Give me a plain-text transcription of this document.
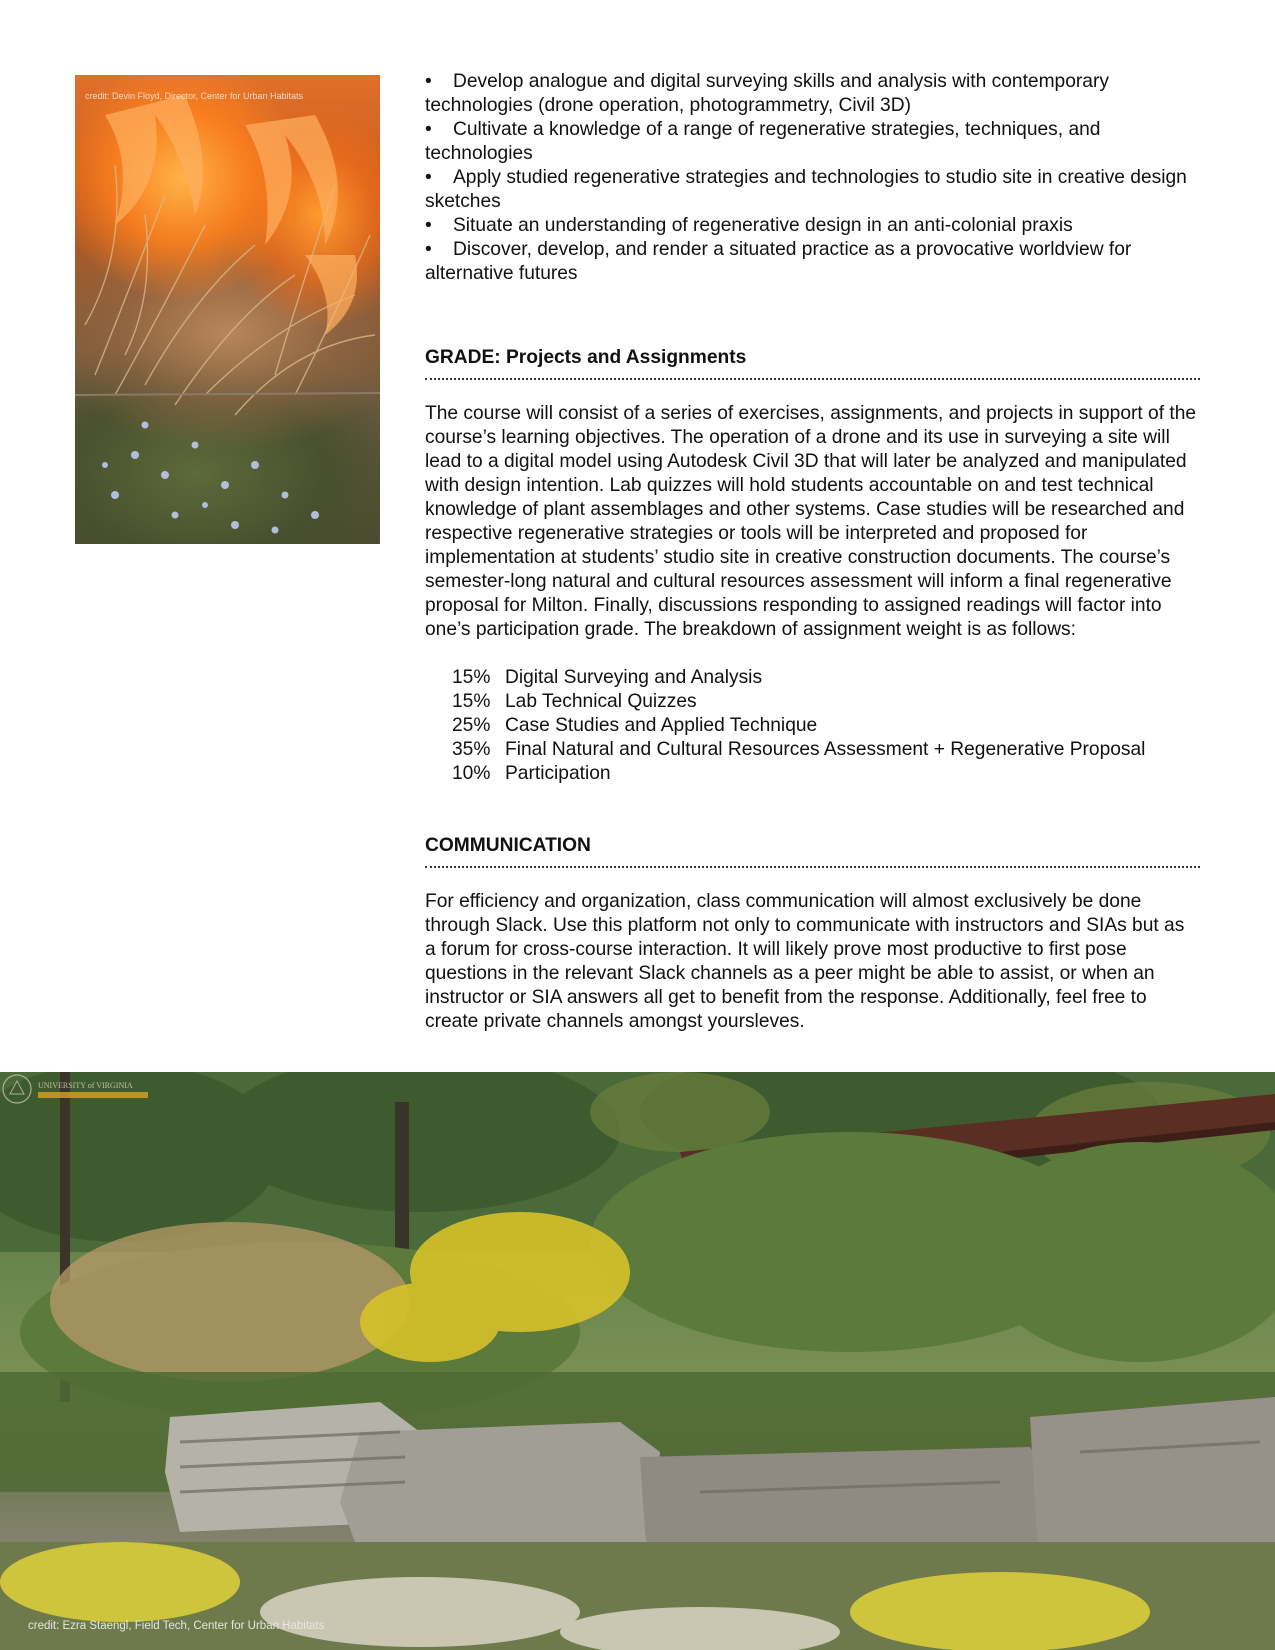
credit: Devin Floyd, Director, Center for Urban Habitats
• Develop analogue and digital surveying skills and analysis with contemporary technologies (drone operation, photogrammetry, Civil 3D)
• Cultivate a knowledge of a range of regenerative strategies, techniques, and technologies
• Apply studied regenerative strategies and technologies to studio site in creative design sketches
• Situate an understanding of regenerative design in an anti-colonial praxis
• Discover, develop, and render a situated practice as a provocative worldview for alternative futures
GRADE: Projects and Assignments

The course will consist of a series of exercises, assignments, and projects in support of the course’s learning objectives. The operation of a drone and its use in surveying a site will lead to a digital model using Autodesk Civil 3D that will later be analyzed and manipulated with design intention. Lab quizzes will hold students accountable on and test technical knowledge of plant assemblages and other systems. Case studies will be researched and respective regenerative strategies or tools will be interpreted and proposed for implementation at students’ studio site in creative construction documents. The course’s semester-long natural and cultural resources assessment will inform a final regenerative proposal for Milton. Finally, discussions responding to assigned readings will factor into one’s participation grade. The breakdown of assignment weight is as follows:

15% Digital Surveying and Analysis
15% Lab Technical Quizzes
25% Case Studies and Applied Technique
35% Final Natural and Cultural Resources Assessment + Regenerative Proposal
10% Participation
COMMUNICATION

For efficiency and organization, class communication will almost exclusively be done through Slack. Use this platform not only to communicate with instructors and SIAs but as a forum for cross-course interaction. It will likely prove most productive to first pose questions in the relevant Slack channels as a peer might be able to assist, or when an instructor or SIA answers all get to benefit from the response. Additionally, feel free to create private channels amongst yoursleves.

UNIVERSITY of VIRGINIA
credit: Ezra Staengl, Field Tech, Center for Urban Habitats
